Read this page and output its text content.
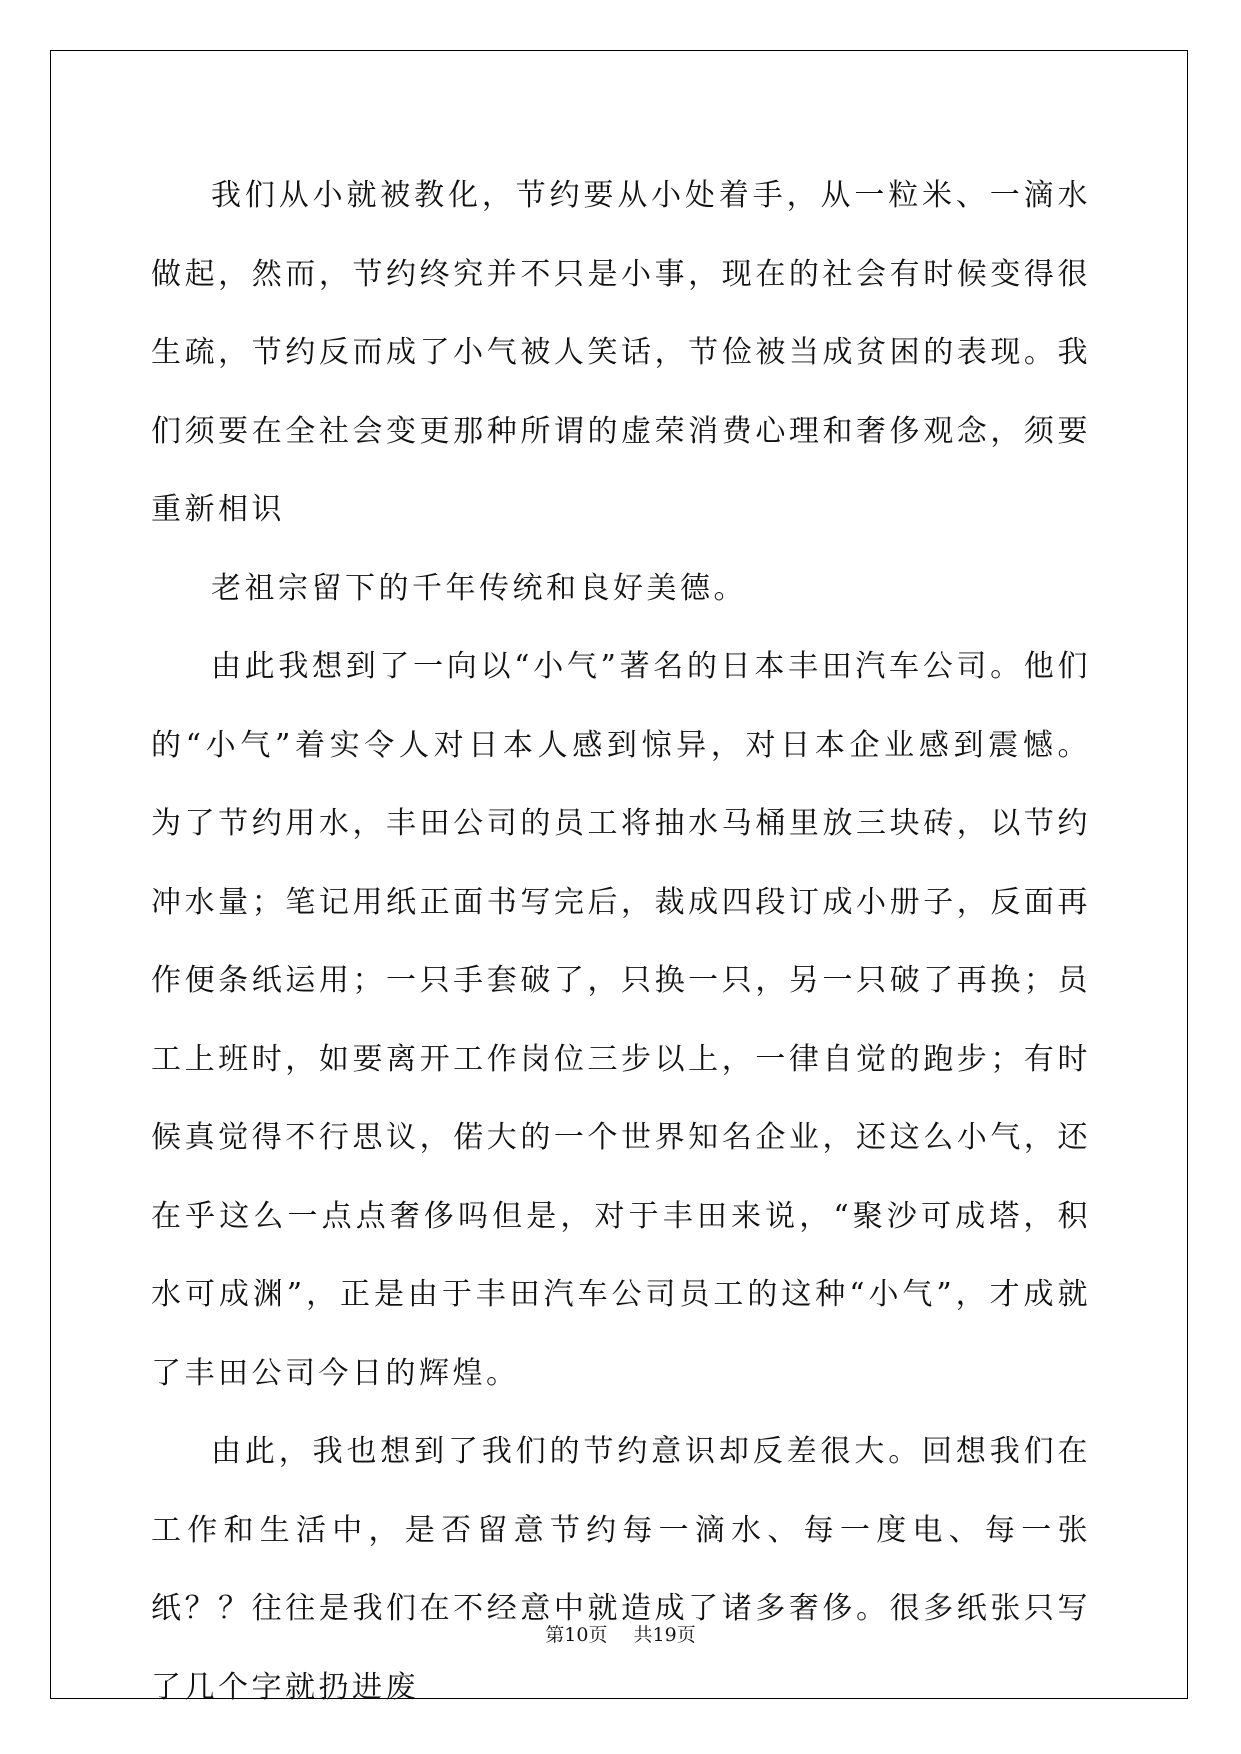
我们从小就被教化，节约要从小处着手，从一粒米、一滴水做起，然而，节约终究并不只是小事，现在的社会有时候变得很生疏，节约反而成了小气被人笑话，节俭被当成贫困的表现。我们须要在全社会变更那种所谓的虚荣消费心理和奢侈观念，须要重新相识

老祖宗留下的千年传统和良好美德。

由此我想到了一向以“小气”著名的日本丰田汽车公司。他们的“小气”着实令人对日本人感到惊异，对日本企业感到震憾。为了节约用水，丰田公司的员工将抽水马桶里放三块砖，以节约冲水量；笔记用纸正面书写完后，裁成四段订成小册子，反面再作便条纸运用；一只手套破了，只换一只，另一只破了再换；员工上班时，如要离开工作岗位三步以上，一律自觉的跑步；有时候真觉得不行思议，偌大的一个世界知名企业，还这么小气，还在乎这么一点点奢侈吗但是，对于丰田来说，“聚沙可成塔，积水可成渊”，正是由于丰田汽车公司员工的这种“小气”，才成就了丰田公司今日的辉煌。

由此，我也想到了我们的节约意识却反差很大。回想我们在工作和生活中，是否留意节约每一滴水、每一度电、每一张纸？？往往是我们在不经意中就造成了诸多奢侈。很多纸张只写了几个字就扔进废

第10页 共19页
